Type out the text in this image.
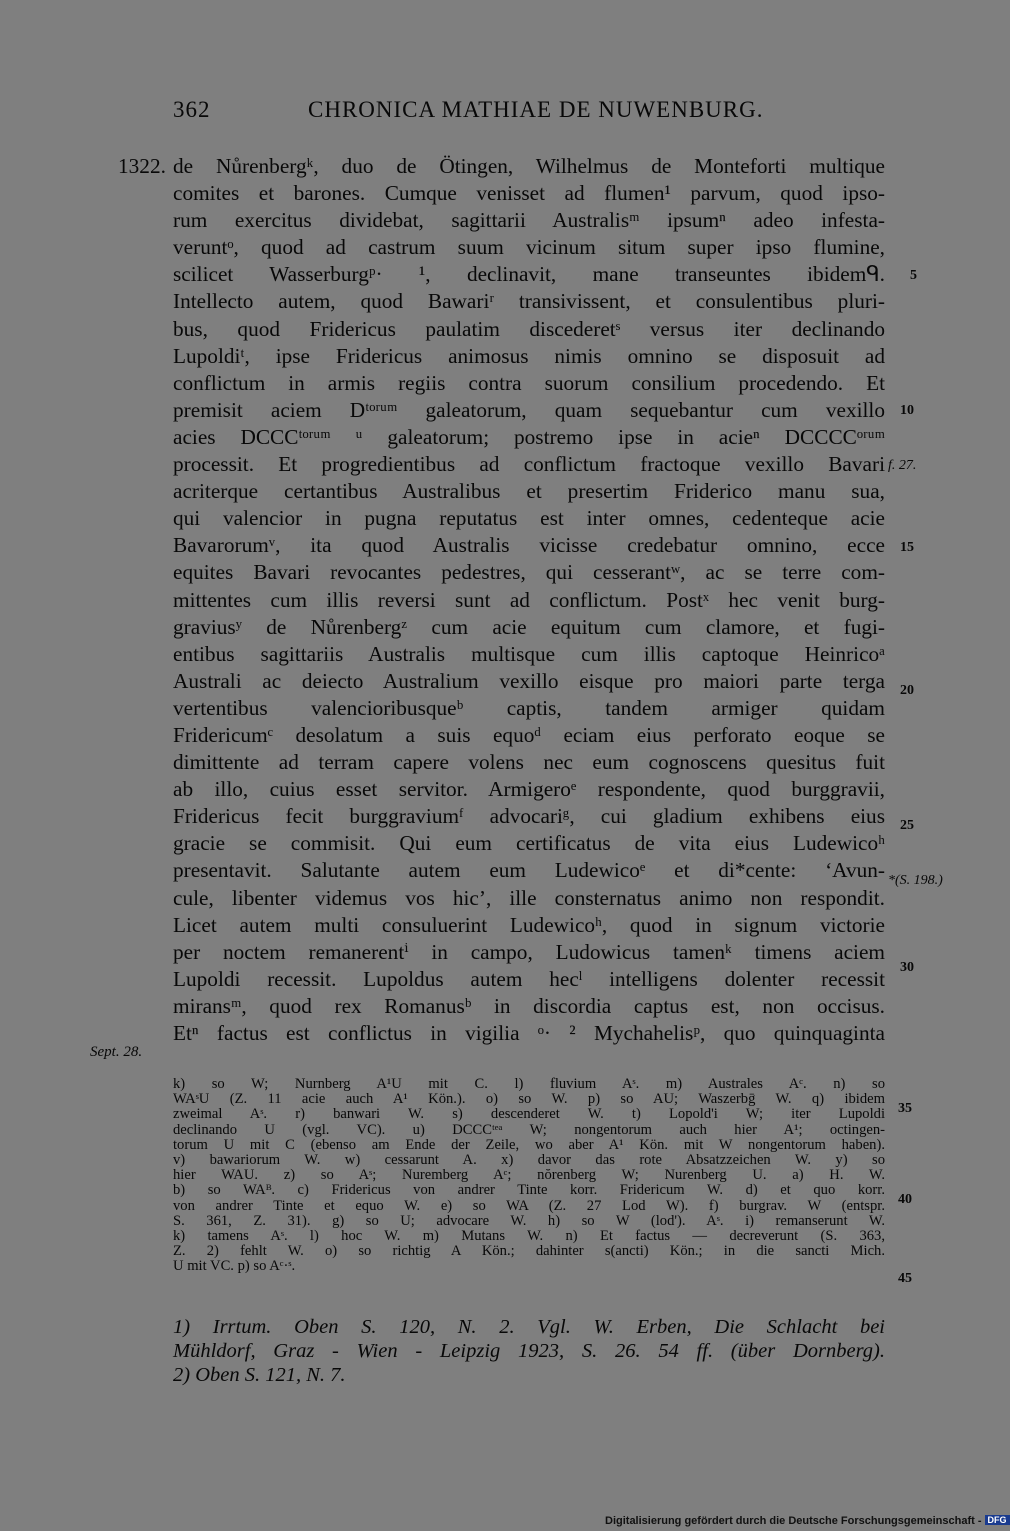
362	CHRONICA MATHIAE DE NUWENBURG.
1322.
Sept. 28.
5
10
f. 27.
15
20
25
*(S. 198.)
30
de Nůrenbergᵏ, duo de Ötingen, Wilhelmus de Monteforti multique
comites et barones. Cumque venisset ad flumen¹ parvum, quod ipso-
rum exercitus dividebat, sagittarii Australisᵐ ipsumⁿ adeo infesta-
veruntᵒ, quod ad castrum suum vicinum situm super ipso flumine,
scilicet Wasserburgᵖ· ¹, declinavit, mane transeuntes ibidemᑫ.
Intellecto autem, quod Bawariʳ transivissent, et consulentibus pluri-
bus, quod Fridericus paulatim discederetˢ versus iter declinando
Lupoldiᵗ, ipse Fridericus animosus nimis omnino se disposuit ad
conflictum in armis regiis contra suorum consilium procedendo. Et
premisit aciem Dᵗᵒʳᵘᵐ galeatorum, quam sequebantur cum vexillo
acies DCCCᵗᵒʳᵘᵐ ᵘ galeatorum; postremo ipse in acieⁿ DCCCCᵒʳᵘᵐ
processit. Et progredientibus ad conflictum fractoque vexillo Bavari
acriterque certantibus Australibus et presertim Friderico manu sua,
qui valencior in pugna reputatus est inter omnes, cedenteque acie
Bavarorumᵛ, ita quod Australis vicisse credebatur omnino, ecce
equites Bavari revocantes pedestres, qui cesserantʷ, ac se terre com-
mittentes cum illis reversi sunt ad conflictum. Postˣ hec venit burg-
graviusʸ de Nůrenbergᶻ cum acie equitum cum clamore, et fugi-
entibus sagittariis Australis multisque cum illis captoque Heinricoᵃ
Australi ac deiecto Australium vexillo eisque pro maiori parte terga
vertentibus valencioribusqueᵇ captis, tandem armiger quidam
Fridericumᶜ desolatum a suis equoᵈ eciam eius perforato eoque se
dimittente ad terram capere volens nec eum cognoscens quesitus fuit
ab illo, cuius esset servitor. Armigeroᵉ respondente, quod burggravii,
Fridericus fecit burggraviumᶠ advocariᵍ, cui gladium exhibens eius
gracie se commisit. Qui eum certificatus de vita eius Ludewicoʰ
presentavit. Salutante autem eum Ludewicoᵉ et di*cente: ‘Avun-
cule, libenter videmus vos hic’, ille consternatus animo non respondit.
Licet autem multi consuluerint Ludewicoʰ, quod in signum victorie
per noctem remanerentⁱ in campo, Ludowicus tamenᵏ timens aciem
Lupoldi recessit. Lupoldus autem hecˡ intelligens dolenter recessit
miransᵐ, quod rex Romanusᵇ in discordia captus est, non occisus.
Etⁿ factus est conflictus in vigilia ᵒ· ² Mychahelisᵖ, quo quinquaginta
k) so W; Nurnberg A¹U mit C. l) fluvium Aˢ. m) Australes Aᶜ. n) so
WAˢU (Z. 11 acie auch A¹ Kön.). o) so W. p) so AU; Waszerbḡ W. q) ibidem
zweimal Aˢ. r) banwari W. s) descenderet W. t) Lopold'i W; iter Lupoldi
declinando U (vgl. VC). u) DCCCᵗᵉᵃ W; nongentorum auch hier A¹; octingen-
torum U mit C (ebenso am Ende der Zeile, wo aber A¹ Kön. mit W nongentorum haben).
v) bawariorum W. w) cessarunt A. x) davor das rote Absatzzeichen W. y) so
hier WAU. z) so Aˢ; Nuremberg Aᶜ; nŏrenberg W; Nurenberg U. a) H. W.
b) so WAᴮ. c) Fridericus von andrer Tinte korr. Fridericum W. d) et quo korr.
von andrer Tinte et equo W. e) so WA (Z. 27 Lod W). f) burgrav. W (entspr.
S. 361, Z. 31). g) so U; advocare W. h) so W (lod'). Aˢ. i) remanserunt W.
k) tamens Aˢ. l) hoc W. m) Mutans W. n) Et factus — decreverunt (S. 363,
Z. 2) fehlt W. o) so richtig A Kön.; dahinter s(ancti) Kön.; in die sancti Mich.
U mit VC. p) so Aᶜ·ˢ.
35
40
45
1) Irrtum. Oben S. 120, N. 2. Vgl. W. Erben, Die Schlacht bei
Mühldorf, Graz - Wien - Leipzig 1923, S. 26. 54 ff. (über Dornberg).
2) Oben S. 121, N. 7.
Digitalisierung gefördert durch die Deutsche Forschungsgemeinschaft - DFG
